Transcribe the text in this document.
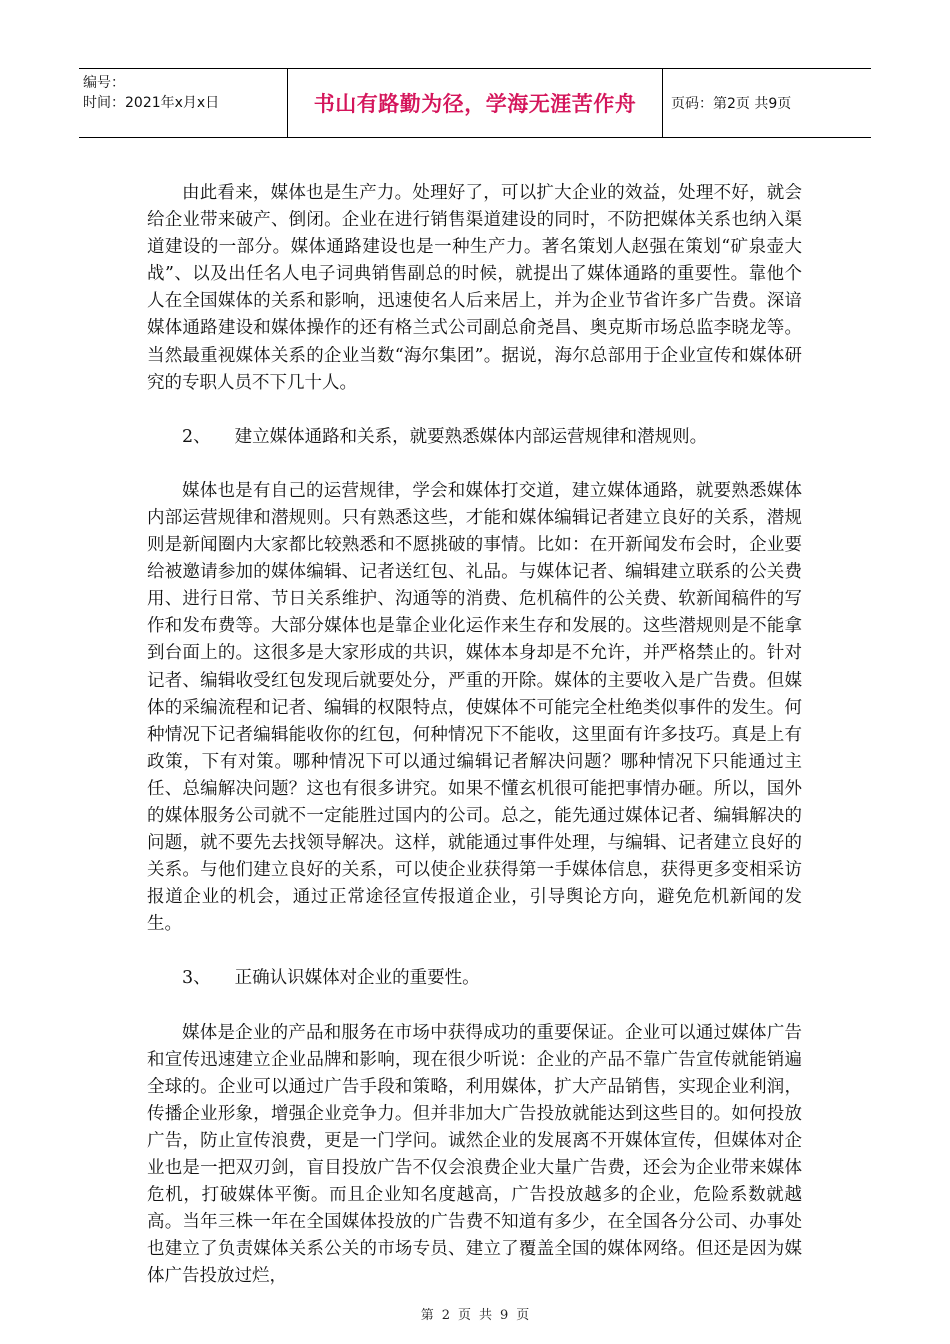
编号：
时间：2021年x月x日	书山有路勤为径，学海无涯苦作舟	页码：第2页 共9页

由此看来，媒体也是生产力。处理好了，可以扩大企业的效益，处理不好，就会给企业带来破产、倒闭。企业在进行销售渠道建设的同时，不防把媒体关系也纳入渠道建设的一部分。媒体通路建设也是一种生产力。著名策划人赵强在策划“矿泉壶大战”、以及出任名人电子词典销售副总的时候，就提出了媒体通路的重要性。靠他个人在全国媒体的关系和影响，迅速使名人后来居上，并为企业节省许多广告费。深谙媒体通路建设和媒体操作的还有格兰式公司副总俞尧昌、奥克斯市场总监李晓龙等。当然最重视媒体关系的企业当数“海尔集团”。据说，海尔总部用于企业宣传和媒体研究的专职人员不下几十人。

2、 建立媒体通路和关系，就要熟悉媒体内部运营规律和潜规则。

媒体也是有自己的运营规律，学会和媒体打交道，建立媒体通路，就要熟悉媒体内部运营规律和潜规则。只有熟悉这些，才能和媒体编辑记者建立良好的关系，潜规则是新闻圈内大家都比较熟悉和不愿挑破的事情。比如：在开新闻发布会时，企业要给被邀请参加的媒体编辑、记者送红包、礼品。与媒体记者、编辑建立联系的公关费用、进行日常、节日关系维护、沟通等的消费、危机稿件的公关费、软新闻稿件的写作和发布费等。大部分媒体也是靠企业化运作来生存和发展的。这些潜规则是不能拿到台面上的。这很多是大家形成的共识，媒体本身却是不允许，并严格禁止的。针对记者、编辑收受红包发现后就要处分，严重的开除。媒体的主要收入是广告费。但媒体的采编流程和记者、编辑的权限特点，使媒体不可能完全杜绝类似事件的发生。何种情况下记者编辑能收你的红包，何种情况下不能收，这里面有许多技巧。真是上有政策，下有对策。哪种情况下可以通过编辑记者解决问题？哪种情况下只能通过主任、总编解决问题？这也有很多讲究。如果不懂玄机很可能把事情办砸。所以，国外的媒体服务公司就不一定能胜过国内的公司。总之，能先通过媒体记者、编辑解决的问题，就不要先去找领导解决。这样，就能通过事件处理，与编辑、记者建立良好的关系。与他们建立良好的关系，可以使企业获得第一手媒体信息，获得更多变相采访报道企业的机会，通过正常途径宣传报道企业，引导舆论方向，避免危机新闻的发生。

3、 正确认识媒体对企业的重要性。

媒体是企业的产品和服务在市场中获得成功的重要保证。企业可以通过媒体广告和宣传迅速建立企业品牌和影响，现在很少听说：企业的产品不靠广告宣传就能销遍全球的。企业可以通过广告手段和策略，利用媒体，扩大产品销售，实现企业利润，传播企业形象，增强企业竞争力。但并非加大广告投放就能达到这些目的。如何投放广告，防止宣传浪费，更是一门学问。诚然企业的发展离不开媒体宣传，但媒体对企业也是一把双刃剑，盲目投放广告不仅会浪费企业大量广告费，还会为企业带来媒体危机，打破媒体平衡。而且企业知名度越高，广告投放越多的企业，危险系数就越高。当年三株一年在全国媒体投放的广告费不知道有多少，在全国各分公司、办事处也建立了负责媒体关系公关的市场专员、建立了覆盖全国的媒体网络。但还是因为媒体广告投放过烂，

第 2 页 共 9 页
